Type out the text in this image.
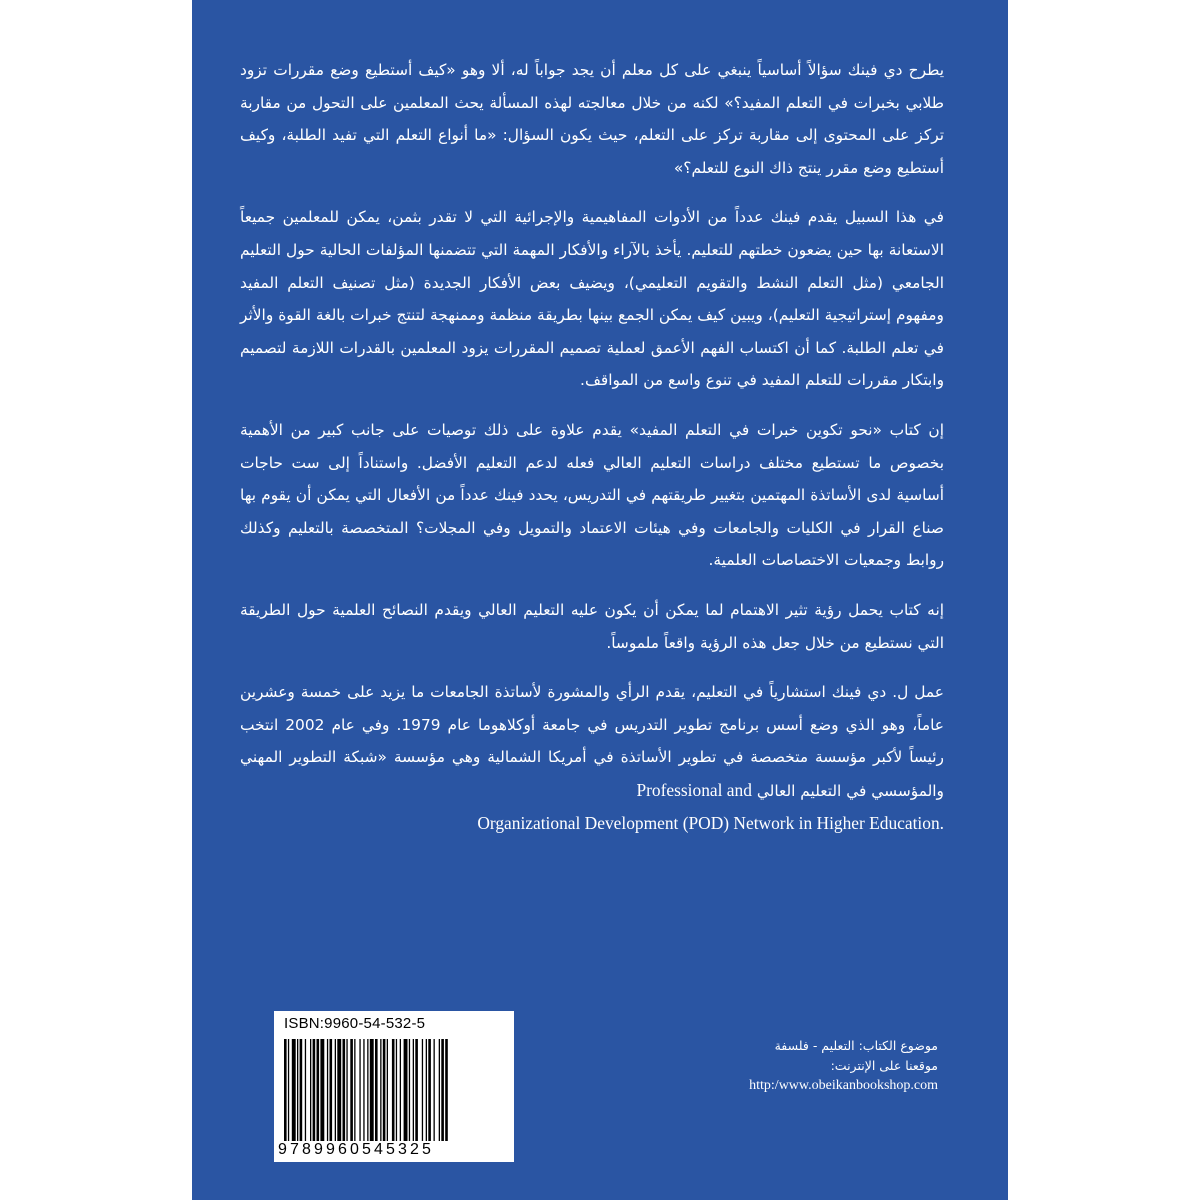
يطرح دي فينك سؤالاً أساسياً ينبغي على كل معلم أن يجد جواباً له، ألا وهو «كيف أستطيع وضع مقررات تزود طلابي بخبرات في التعلم المفيد؟» لكنه من خلال معالجته لهذه المسألة يحث المعلمين على التحول من مقاربة تركز على المحتوى إلى مقاربة تركز على التعلم، حيث يكون السؤال: «ما أنواع التعلم التي تفيد الطلبة، وكيف أستطيع وضع مقرر ينتج ذاك النوع للتعلم؟»

في هذا السبيل يقدم فينك عدداً من الأدوات المفاهيمية والإجرائية التي لا تقدر بثمن، يمكن للمعلمين جميعاً الاستعانة بها حين يضعون خطتهم للتعليم. يأخذ بالآراء والأفكار المهمة التي تتضمنها المؤلفات الحالية حول التعليم الجامعي (مثل التعلم النشط والتقويم التعليمي)، ويضيف بعض الأفكار الجديدة (مثل تصنيف التعلم المفيد ومفهوم إستراتيجية التعليم)، ويبين كيف يمكن الجمع بينها بطريقة منظمة وممنهجة لتنتج خبرات بالغة القوة والأثر في تعلم الطلبة. كما أن اكتساب الفهم الأعمق لعملية تصميم المقررات يزود المعلمين بالقدرات اللازمة لتصميم وابتكار مقررات للتعلم المفيد في تنوع واسع من المواقف.

إن كتاب «نحو تكوين خبرات في التعلم المفيد» يقدم علاوة على ذلك توصيات على جانب كبير من الأهمية بخصوص ما تستطيع مختلف دراسات التعليم العالي فعله لدعم التعليم الأفضل. واستناداً إلى ست حاجات أساسية لدى الأساتذة المهتمين بتغيير طريقتهم في التدريس، يحدد فينك عدداً من الأفعال التي يمكن أن يقوم بها صناع القرار في الكليات والجامعات وفي هيئات الاعتماد والتمويل وفي المجلات؟ المتخصصة بالتعليم وكذلك روابط وجمعيات الاختصاصات العلمية.

إنه كتاب يحمل رؤية تثير الاهتمام لما يمكن أن يكون عليه التعليم العالي ويقدم النصائح العلمية حول الطريقة التي نستطيع من خلال جعل هذه الرؤية واقعاً ملموساً.

عمل ل. دي فينك استشارياً في التعليم، يقدم الرأي والمشورة لأساتذة الجامعات ما يزيد على خمسة وعشرين عاماً، وهو الذي وضع أسس برنامج تطوير التدريس في جامعة أوكلاهوما عام 1979. وفي عام 2002 انتخب رئيساً لأكبر مؤسسة متخصصة في تطوير الأساتذة في أمريكا الشمالية وهي مؤسسة «شبكة التطوير المهني والمؤسسي في التعليم العالي Professional and

Organizational Development (POD) Network in Higher Education.
ISBN:9960-54-532-5
9789960545325
موضوع الكتاب: التعليم - فلسفة
موقعنا على الإنترنت:
http:/www.obeikanbookshop.com
